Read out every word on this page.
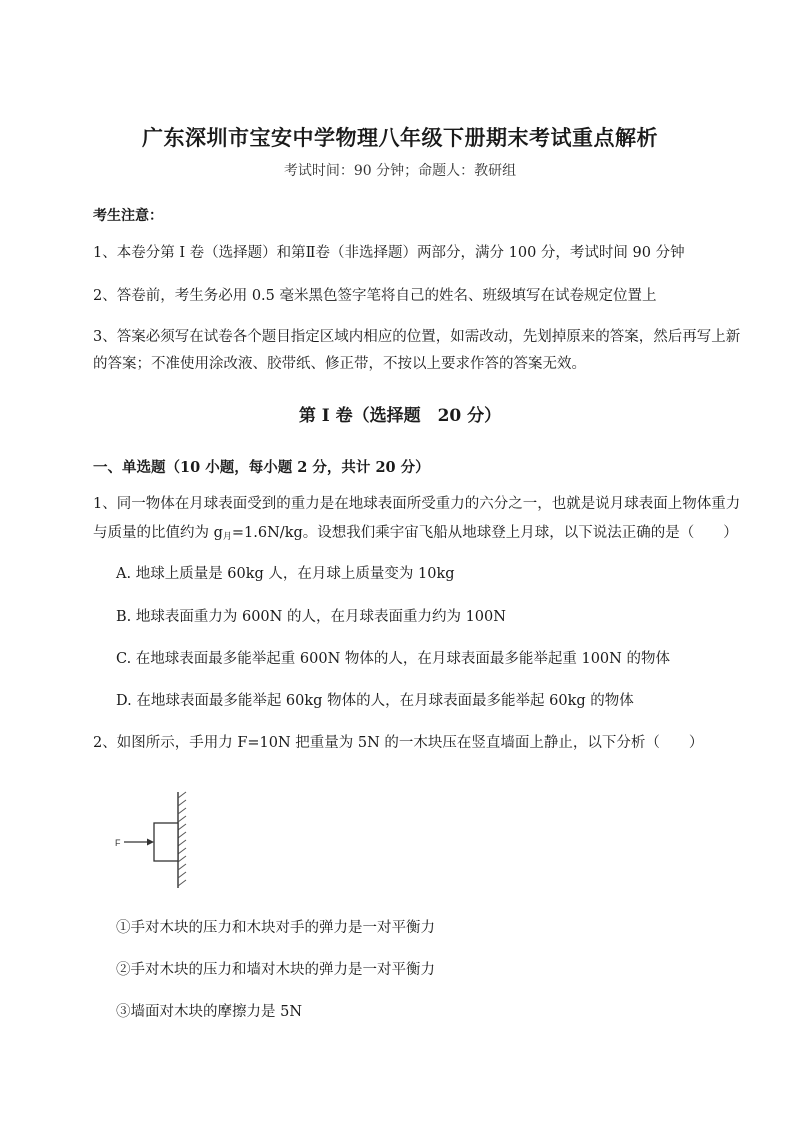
广东深圳市宝安中学物理八年级下册期末考试重点解析
考试时间：90 分钟；命题人：教研组
考生注意：
1、本卷分第 I 卷（选择题）和第Ⅱ卷（非选择题）两部分，满分 100 分，考试时间 90 分钟
2、答卷前，考生务必用 0.5 毫米黑色签字笔将自己的姓名、班级填写在试卷规定位置上
3、答案必须写在试卷各个题目指定区域内相应的位置，如需改动，先划掉原来的答案，然后再写上新
的答案；不准使用涂改液、胶带纸、修正带，不按以上要求作答的答案无效。
第 I 卷（选择题　20 分）
一、单选题（10 小题，每小题 2 分，共计 20 分）
1、同一物体在月球表面受到的重力是在地球表面所受重力的六分之一，也就是说月球表面上物体重力
与质量的比值约为 $g_月=1.6N/kg$。设想我们乘宇宙飞船从地球登上月球，以下说法正确的是（　　）
A. 地球上质量是 60kg 人，在月球上质量变为 10kg
B. 地球表面重力为 600N 的人，在月球表面重力约为 100N
C. 在地球表面最多能举起重 600N 物体的人，在月球表面最多能举起重 100N 的物体
D. 在地球表面最多能举起 60kg 物体的人，在月球表面最多能举起 60kg 的物体
2、如图所示，手用力 F=10N 把重量为 5N 的一木块压在竖直墙面上静止，以下分析（　　）
F
①手对木块的压力和木块对手的弹力是一对平衡力
②手对木块的压力和墙对木块的弹力是一对平衡力
③墙面对木块的摩擦力是 5N
